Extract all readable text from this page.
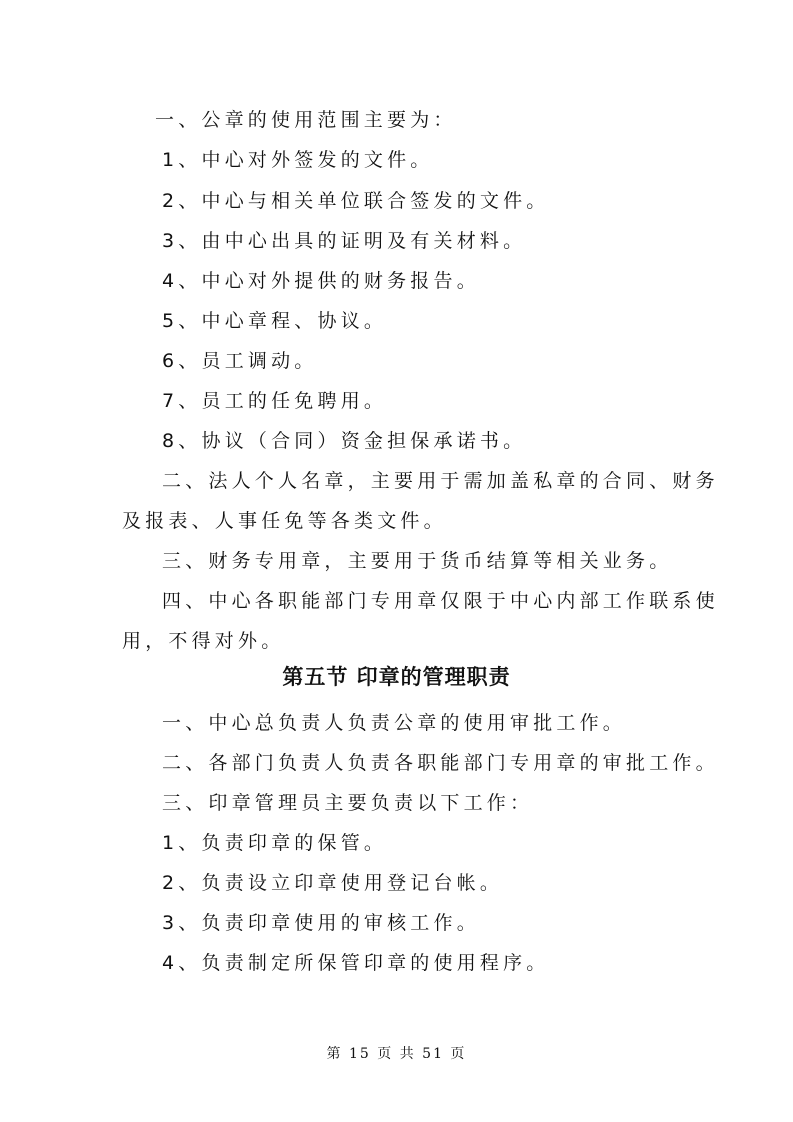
一、公章的使用范围主要为：
1、中心对外签发的文件。
2、中心与相关单位联合签发的文件。
3、由中心出具的证明及有关材料。
4、中心对外提供的财务报告。
5、中心章程、协议。
6、员工调动。
7、员工的任免聘用。
8、协议（合同）资金担保承诺书。
二、法人个人名章，主要用于需加盖私章的合同、财务
及报表、人事任免等各类文件。
三、财务专用章，主要用于货币结算等相关业务。
四、中心各职能部门专用章仅限于中心内部工作联系使
用，不得对外。
第五节 印章的管理职责
一、中心总负责人负责公章的使用审批工作。
二、各部门负责人负责各职能部门专用章的审批工作。
三、印章管理员主要负责以下工作：
1、负责印章的保管。
2、负责设立印章使用登记台帐。
3、负责印章使用的审核工作。
4、负责制定所保管印章的使用程序。
第 15 页 共 51 页
